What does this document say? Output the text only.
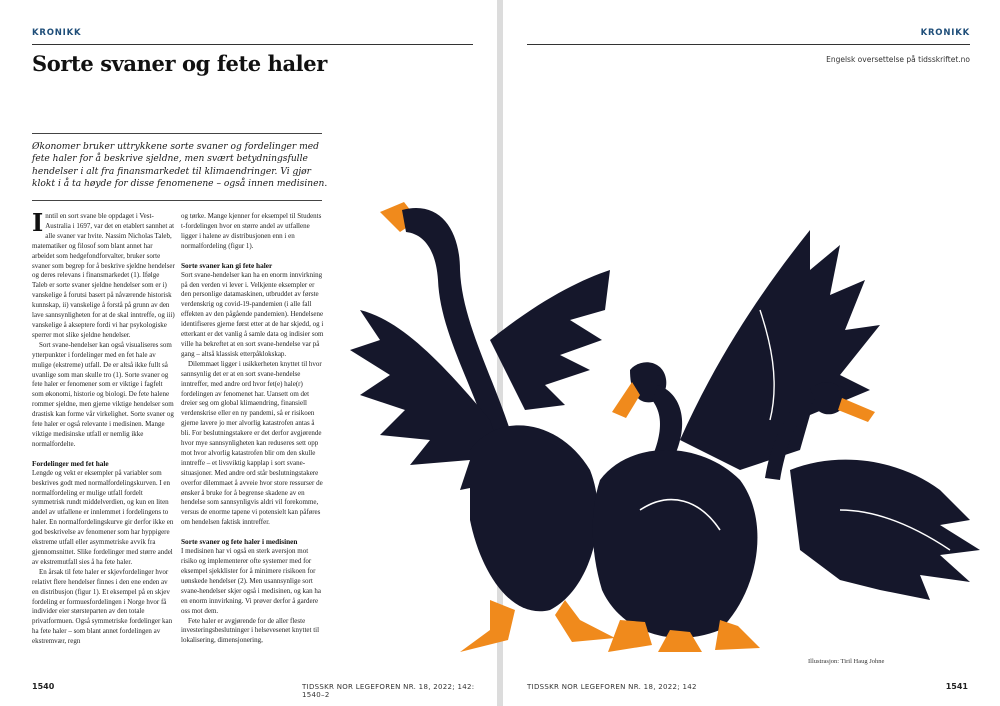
KRONIKK
Sorte svaner og fete haler

Økonomer bruker uttrykkene sorte svaner og fordelinger med fete haler for å beskrive sjeldne, men svært betydningsfulle hendelser i alt fra finansmarkedet til klimaendringer. Vi gjør klokt i å ta høyde for disse fenomenene – også innen medisinen.

Inntil en sort svane ble oppdaget i Vest-Australia i 1697, var det en etablert sannhet at alle svaner var hvite. Nassim Nicholas Taleb, matematiker og filosof som blant annet har arbeidet som hedgefondforvalter, bruker sorte svaner som begrep for å beskrive sjeldne hendelser og deres relevans i finansmarkedet (1). Ifølge Taleb er sorte svaner sjeldne hendelser som er i) vanskelige å forutsi basert på nåværende historisk kunnskap, ii) vanskelige å forstå på grunn av den lave sannsynligheten for at de skal inntreffe, og iii) vanskelige å akseptere fordi vi har psykologiske sperrer mot slike sjeldne hendelser.

Sort svane-hendelser kan også visualiseres som ytterpunkter i fordelinger med en fet hale av mulige (ekstreme) utfall. De er altså ikke fullt så uvanlige som man skulle tro (1). Sorte svaner og fete haler er fenomener som er viktige i fagfelt som økonomi, historie og biologi. De fete halene rommer sjeldne, men gjerne viktige hendelser som drastisk kan forme vår virkelighet. Sorte svaner og fete haler er også relevante i medisinen. Mange viktige medisinske utfall er nemlig ikke normalfordelte.

Fordelinger med fet hale

Lengde og vekt er eksempler på variabler som beskrives godt med normalfordelingskurven. I en normalfordeling er mulige utfall fordelt symmetrisk rundt middelverdien, og kun en liten andel av utfallene er innlemmet i fordelingens to haler. En normalfordelingskurve gir derfor ikke en god beskrivelse av fenomener som har hyppigere ekstreme utfall eller asymmetriske avvik fra gjennomsnittet. Slike fordelinger med større andel av ekstremutfall sies å ha fete haler.

En årsak til fete haler er skjevfordelinger hvor relativt flere hendelser finnes i den ene enden av en distribusjon (figur 1). Et eksempel på en skjev fordeling er formuesfordelingen i Norge hvor få individer eier størsteparten av den totale privatformuen. Også symmetriske fordelinger kan ha fete haler – som blant annet fordelingen av ekstremvær, regn

og tørke. Mange kjenner for eksempel til Students t-fordelingen hvor en større andel av utfallene ligger i halene av distribusjonen enn i en normalfordeling (figur 1).

Sorte svaner kan gi fete haler

Sort svane-hendelser kan ha en enorm innvirkning på den verden vi lever i. Velkjente eksempler er den personlige datamaskinen, utbruddet av første verdenskrig og covid-19-pandemien (i alle fall effekten av den pågående pandemien). Hendelsene identifiseres gjerne først etter at de har skjedd, og i etterkant er det vanlig å samle data og indisier som ville ha bekreftet at en sort svane-hendelse var på gang – altså klassisk etterpåklokskap.

Dilemmaet ligger i usikkerheten knyttet til hvor sannsynlig det er at en sort svane-hendelse inntreffer, med andre ord hvor fet(e) hale(r) fordelingen av fenomenet har. Uansett om det dreier seg om global klimaendring, finansiell verdenskrise eller en ny pandemi, så er risikoen gjerne lavere jo mer alvorlig katastrofen antas å bli. For beslutningstakere er det derfor avgjørende hvor mye sannsynligheten kan reduseres sett opp mot hvor alvorlig katastrofen blir om den skulle inntreffe – et livsviktig kapplap i sort svane-situasjoner. Med andre ord står beslutningstakere overfor dilemmaet å avveie hvor store ressurser de ønsker å bruke for å begrense skadene av en hendelse som sannsynligvis aldri vil forekomme, versus de enorme tapene vi potensielt kan påføres om hendelsen faktisk inntreffer.

Sorte svaner og fete haler i medisinen

I medisinen har vi også en sterk aversjon mot risiko og implementerer ofte systemer med for eksempel sjekklister for å minimere risikoen for uønskede hendelser (2). Men usannsynlige sort svane-hendelser skjer også i medisinen, og kan ha en enorm innvirkning. Vi prøver derfor å gardere oss mot dem.

Fete haler er avgjørende for de aller fleste investeringsbeslutninger i helsevesenet knyttet til lokalisering, dimensjonering,

1540	TIDSSKR NOR LEGEFOREN NR. 18, 2022; 142: 1540–2
KRONIKK
Engelsk oversettelse på tidsskriftet.no
Illustrasjon: Tiril Haug Johne
TIDSSKR NOR LEGEFOREN NR. 18, 2022; 142	1541
